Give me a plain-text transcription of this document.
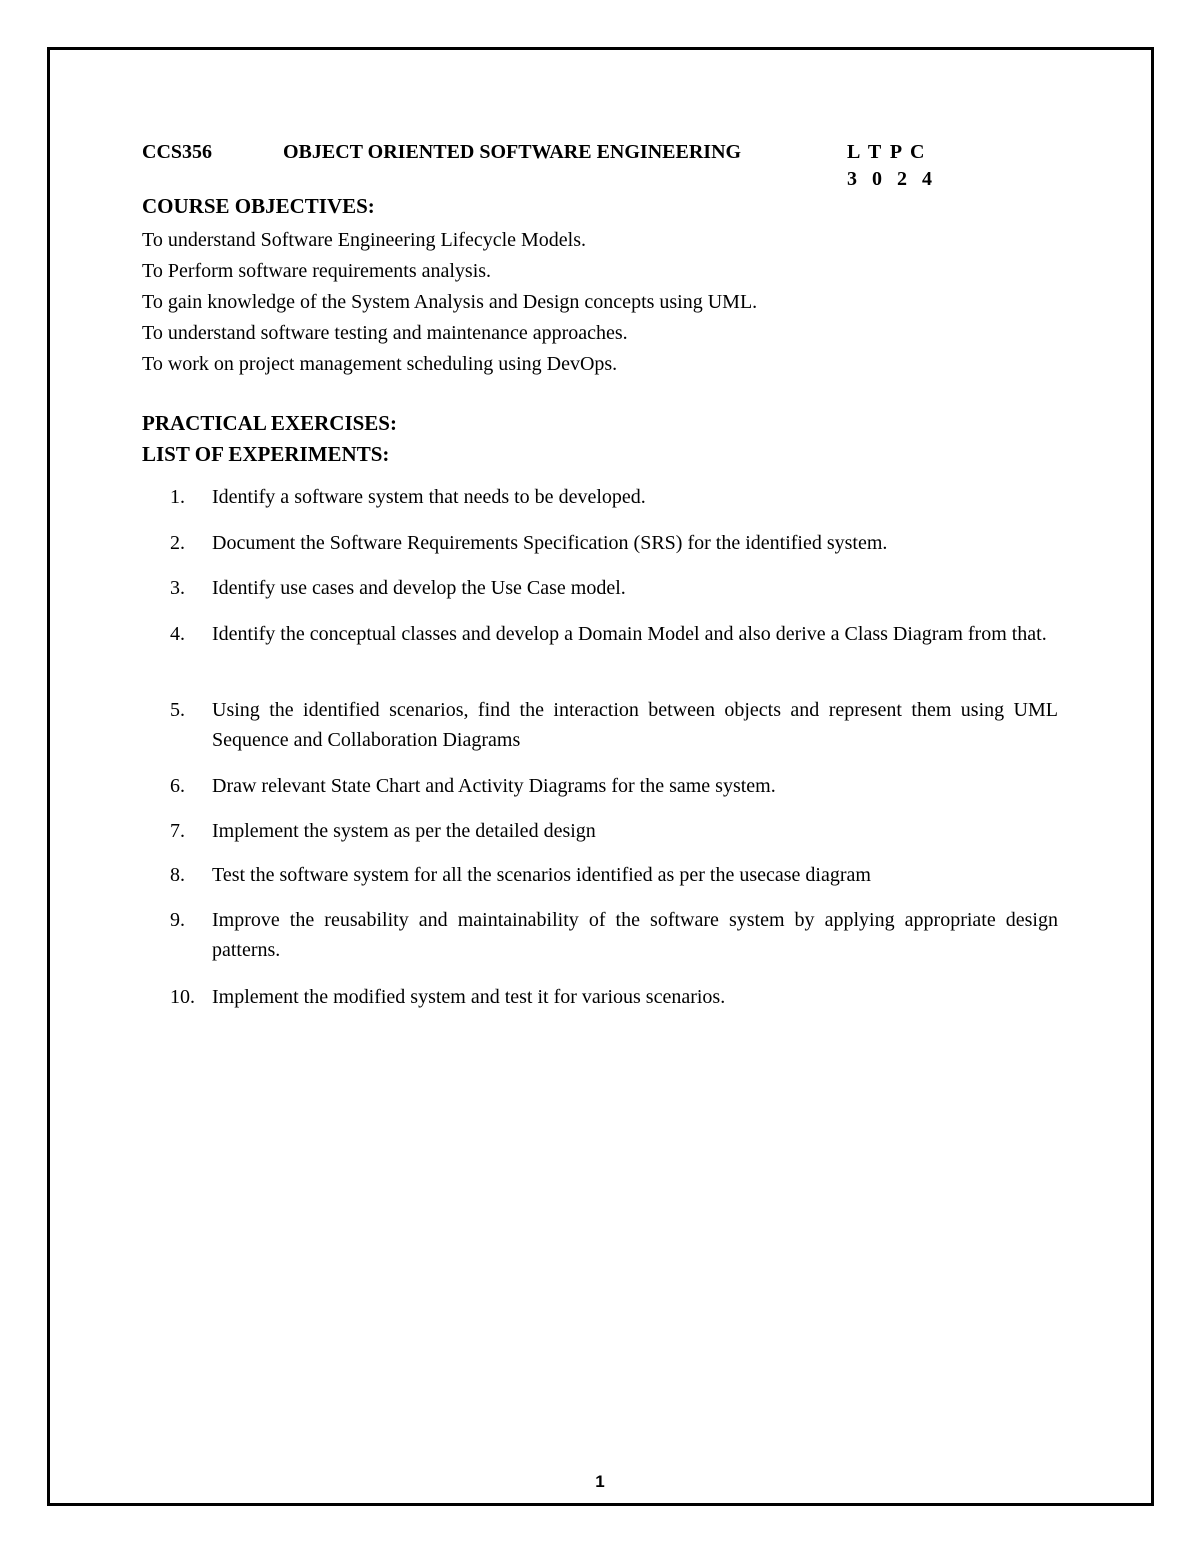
CCS356	OBJECT ORIENTED SOFTWARE ENGINEERING	L T P C
3 0 2 4
COURSE OBJECTIVES:
To understand Software Engineering Lifecycle Models.
To Perform software requirements analysis.
To gain knowledge of the System Analysis and Design concepts using UML.
To understand software testing and maintenance approaches.
To work on project management scheduling using DevOps.
PRACTICAL EXERCISES:
LIST OF EXPERIMENTS:
1.	Identify a software system that needs to be developed.
2.	Document the Software Requirements Specification (SRS) for the identified system.
3.	Identify use cases and develop the Use Case model.
4.	Identify the conceptual classes and develop a Domain Model and also derive a Class Diagram from that.
5.	Using the identified scenarios, find the interaction between objects and represent them using UML Sequence and Collaboration Diagrams
6.	Draw relevant State Chart and Activity Diagrams for the same system.
7.	Implement the system as per the detailed design
8.	Test the software system for all the scenarios identified as per the usecase diagram
9.	Improve the reusability and maintainability of the software system by applying appropriate design patterns.
10. Implement the modified system and test it for various scenarios.
1
